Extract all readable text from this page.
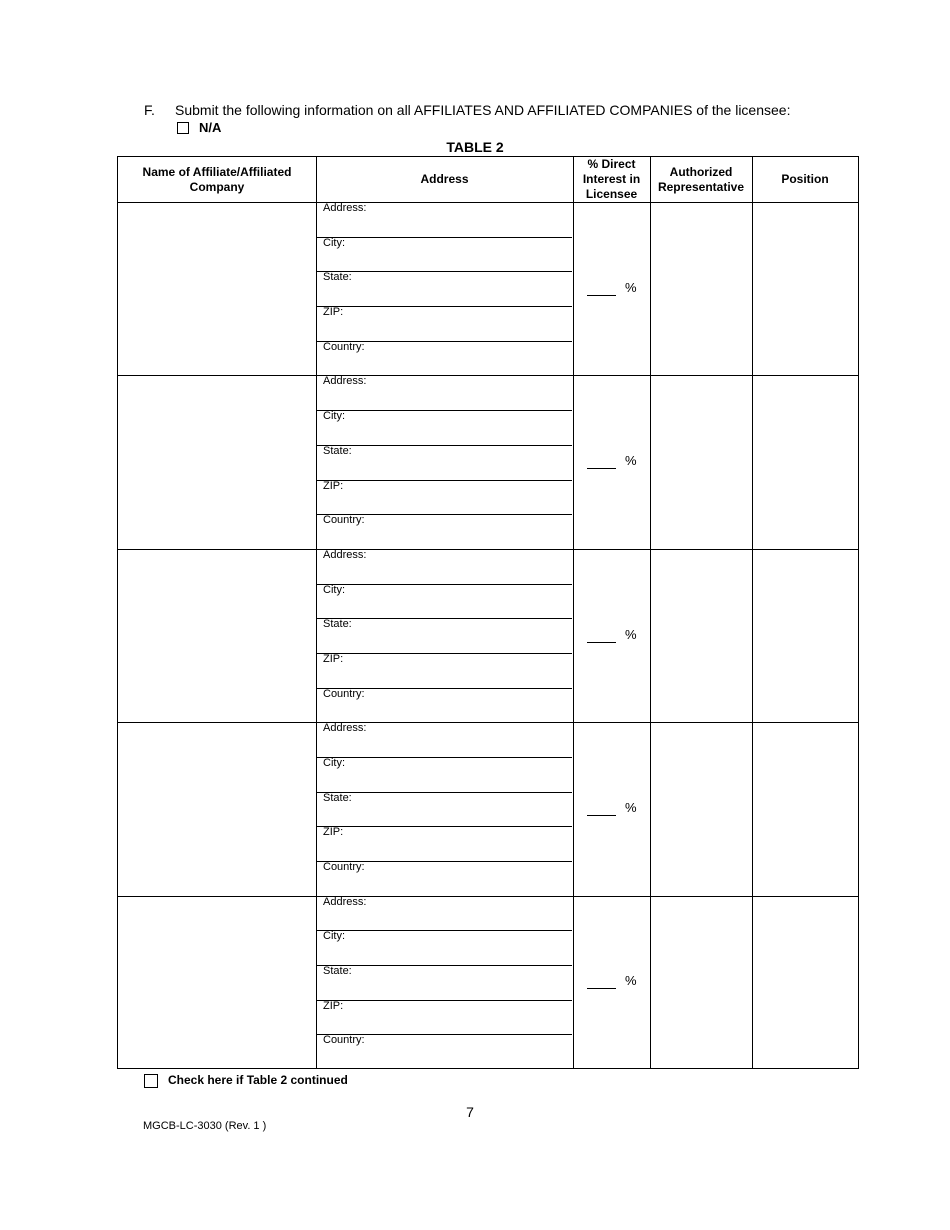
F. Submit the following information on all AFFILIATES AND AFFILIATED COMPANIES of the licensee:
N/A
TABLE 2
Name of Affiliate/Affiliated Company
Address
% Direct Interest in Licensee
Authorized Representative
Position
Address:
City:
State:
ZIP:
Country:
%
Address:
City:
State:
ZIP:
Country:
%
Address:
City:
State:
ZIP:
Country:
%
Address:
City:
State:
ZIP:
Country:
%
Address:
City:
State:
ZIP:
Country:
%
Check here if Table 2 continued
7
MGCB-LC-3030 (Rev. 1 )
